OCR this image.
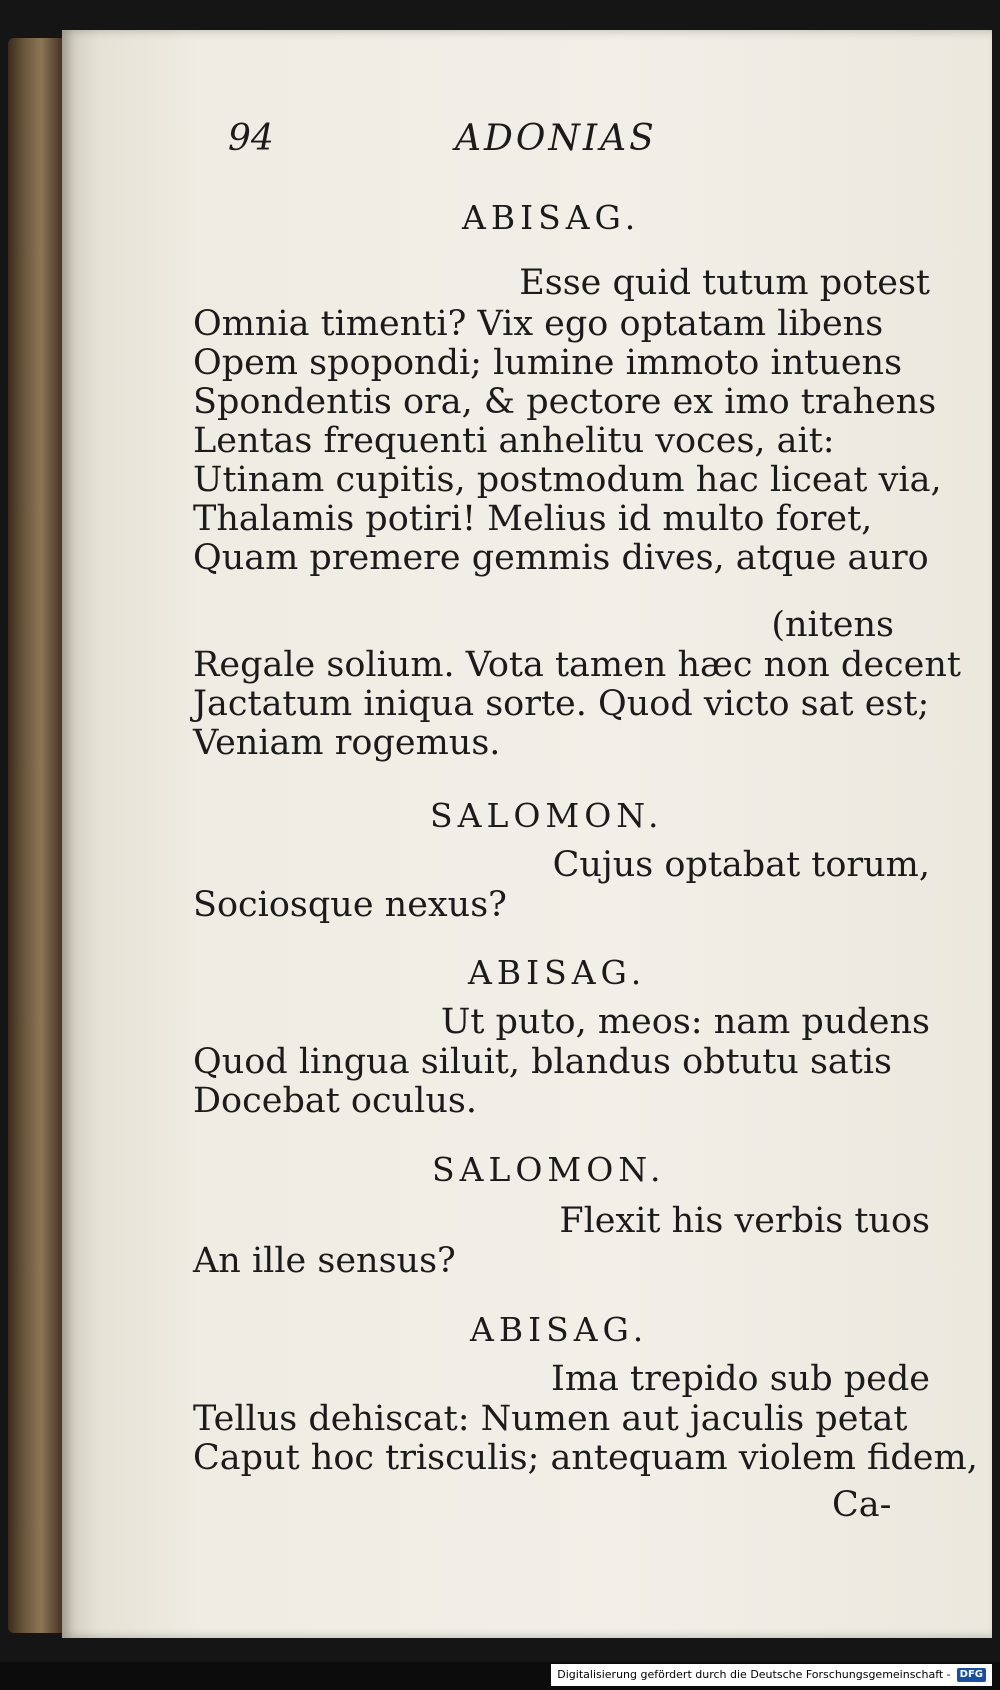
94	ADONIAS
ABISAG.
Esse quid tutum potest
Omnia timenti? Vix ego optatam libens
Opem spopondi; lumine immoto intuens
Spondentis ora, & pectore ex imo trahens
Lentas frequenti anhelitu voces, ait:
Utinam cupitis, postmodum hac liceat via,
Thalamis potiri! Melius id multo foret,
Quam premere gemmis dives, atque auro
(nitens
Regale solium. Vota tamen hæc non decent
Jactatum iniqua sorte. Quod victo sat est;
Veniam rogemus.
SALOMON.
Cujus optabat torum,
Sociosque nexus?
ABISAG.
Ut puto, meos: nam pudens
Quod lingua siluit, blandus obtutu satis
Docebat oculus.
SALOMON.
Flexit his verbis tuos
An ille sensus?
ABISAG.
Ima trepido sub pede
Tellus dehiscat: Numen aut jaculis petat
Caput hoc trisculis; antequam violem fidem,
Ca-
Digitalisierung gefördert durch die Deutsche Forschungsgemeinschaft - DFG
